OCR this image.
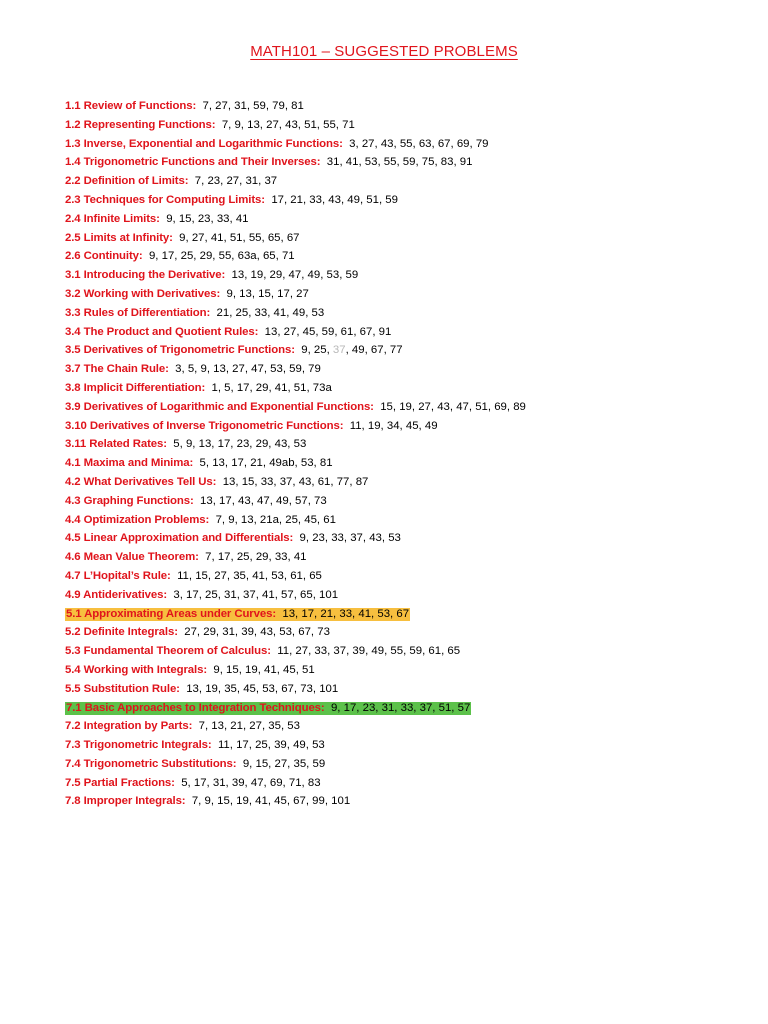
MATH101 – SUGGESTED PROBLEMS
1.1 Review of Functions: 7, 27, 31, 59, 79, 81
1.2 Representing Functions: 7, 9, 13, 27, 43, 51, 55, 71
1.3 Inverse, Exponential and Logarithmic Functions: 3, 27, 43, 55, 63, 67, 69, 79
1.4 Trigonometric Functions and Their Inverses: 31, 41, 53, 55, 59, 75, 83, 91
2.2 Definition of Limits: 7, 23, 27, 31, 37
2.3 Techniques for Computing Limits: 17, 21, 33, 43, 49, 51, 59
2.4 Infinite Limits: 9, 15, 23, 33, 41
2.5 Limits at Infinity: 9, 27, 41, 51, 55, 65, 67
2.6 Continuity: 9, 17, 25, 29, 55, 63a, 65, 71
3.1 Introducing the Derivative: 13, 19, 29, 47, 49, 53, 59
3.2 Working with Derivatives: 9, 13, 15, 17, 27
3.3 Rules of Differentiation: 21, 25, 33, 41, 49, 53
3.4 The Product and Quotient Rules: 13, 27, 45, 59, 61, 67, 91
3.5 Derivatives of Trigonometric Functions: 9, 25, 37, 49, 67, 77
3.7 The Chain Rule: 3, 5, 9, 13, 27, 47, 53, 59, 79
3.8 Implicit Differentiation: 1, 5, 17, 29, 41, 51, 73a
3.9 Derivatives of Logarithmic and Exponential Functions: 15, 19, 27, 43, 47, 51, 69, 89
3.10 Derivatives of Inverse Trigonometric Functions: 11, 19, 34, 45, 49
3.11 Related Rates: 5, 9, 13, 17, 23, 29, 43, 53
4.1 Maxima and Minima: 5, 13, 17, 21, 49ab, 53, 81
4.2 What Derivatives Tell Us: 13, 15, 33, 37, 43, 61, 77, 87
4.3 Graphing Functions: 13, 17, 43, 47, 49, 57, 73
4.4 Optimization Problems: 7, 9, 13, 21a, 25, 45, 61
4.5 Linear Approximation and Differentials: 9, 23, 33, 37, 43, 53
4.6 Mean Value Theorem: 7, 17, 25, 29, 33, 41
4.7 L’Hopital’s Rule: 11, 15, 27, 35, 41, 53, 61, 65
4.9 Antiderivatives: 3, 17, 25, 31, 37, 41, 57, 65, 101
5.1 Approximating Areas under Curves: 13, 17, 21, 33, 41, 53, 67
5.2 Definite Integrals: 27, 29, 31, 39, 43, 53, 67, 73
5.3 Fundamental Theorem of Calculus: 11, 27, 33, 37, 39, 49, 55, 59, 61, 65
5.4 Working with Integrals: 9, 15, 19, 41, 45, 51
5.5 Substitution Rule: 13, 19, 35, 45, 53, 67, 73, 101
7.1 Basic Approaches to Integration Techniques: 9, 17, 23, 31, 33, 37, 51, 57
7.2 Integration by Parts: 7, 13, 21, 27, 35, 53
7.3 Trigonometric Integrals: 11, 17, 25, 39, 49, 53
7.4 Trigonometric Substitutions: 9, 15, 27, 35, 59
7.5 Partial Fractions: 5, 17, 31, 39, 47, 69, 71, 83
7.8 Improper Integrals: 7, 9, 15, 19, 41, 45, 67, 99, 101
